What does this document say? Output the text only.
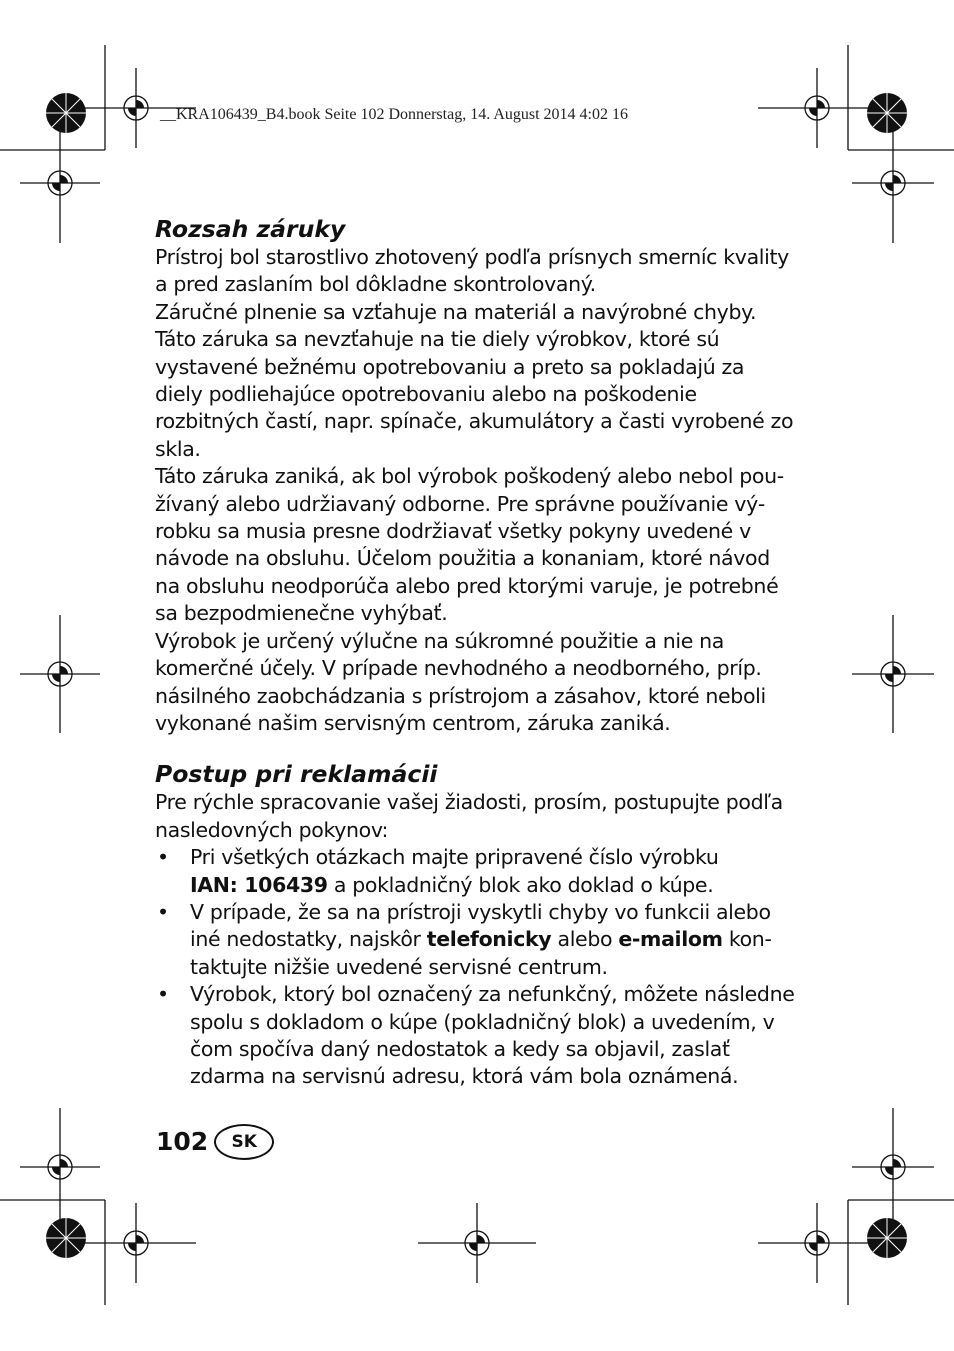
__KRA106439_B4.book Seite 102 Donnerstag, 14. August 2014 4:02 16
Rozsah záruky

Prístroj bol starostlivo zhotovený podľa prísnych smerníc kvality a pred zaslaním bol dôkladne skontrolovaný.

Záručné plnenie sa vzťahuje na materiál a navýrobné chyby. Táto záruka sa nevzťahuje na tie diely výrobkov, ktoré sú vystavené bežnému opotrebovaniu a preto sa pokladajú za diely podliehajúce opotrebovaniu alebo na poškodenie rozbitných častí, napr. spínače, akumulátory a časti vyrobené zo skla.

Táto záruka zaniká, ak bol výrobok poškodený alebo nebol používaný alebo udržiavaný odborne. Pre správne používanie výrobku sa musia presne dodržiavať všetky pokyny uvedené v návode na obsluhu. Účelom použitia a konaniam, ktoré návod na obsluhu neodporúča alebo pred ktorými varuje, je potrebné sa bezpodmienečne vyhýbať.

Výrobok je určený výlučne na súkromné použitie a nie na komerčné účely. V prípade nevhodného a neodborného, príp. násilného zaobchádzania s prístrojom a zásahov, ktoré neboli vykonané našim servisným centrom, záruka zaniká.

Postup pri reklamácii

Pre rýchle spracovanie vašej žiadosti, prosím, postupujte podľa nasledovných pokynov:

• Pri všetkých otázkach majte pripravené číslo výrobku
IAN: 106439 a pokladničný blok ako doklad o kúpe.
• V prípade, že sa na prístroji vyskytli chyby vo funkcii alebo iné nedostatky, najskôr telefonicky alebo e-mailom kontaktujte nižšie uvedené servisné centrum.
• Výrobok, ktorý bol označený za nefunkčný, môžete následne spolu s dokladom o kúpe (pokladničný blok) a uvedením, v čom spočíva daný nedostatok a kedy sa objavil, zaslať zdarma na servisnú adresu, ktorá vám bola oznámená.
102	SK
